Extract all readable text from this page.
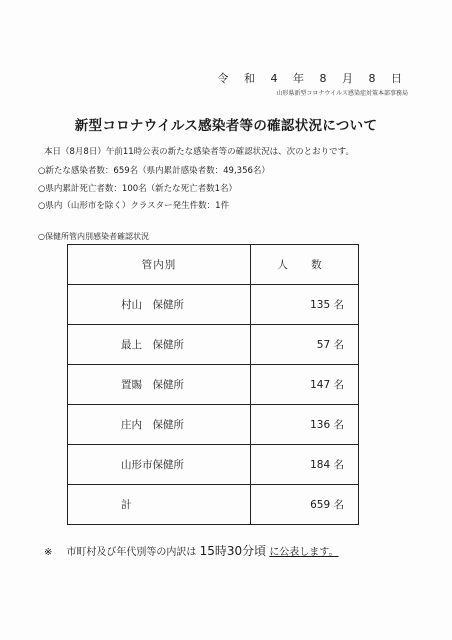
令 和 4 年 8 月 8 日
山形県新型コロナウイルス感染症対策本部事務局
新型コロナウイルス感染者等の確認状況について
本日（8月8日）午前11時公表の新たな感染者等の確認状況は、次のとおりです。
○新たな感染者数：659名（県内累計感染者数：49,356名）
○県内累計死亡者数：100名（新たな死亡者数1名）
○県内（山形市を除く）クラスター発生件数：1件
○保健所管内別感染者確認状況
管内別	人 数
村山　保健所	135 名
最上　保健所	57 名
置賜　保健所	147 名
庄内　保健所	136 名
山形市保健所	184 名
計	659 名
※ 市町村及び年代別等の内訳は 15時30分頃 に公表します。
